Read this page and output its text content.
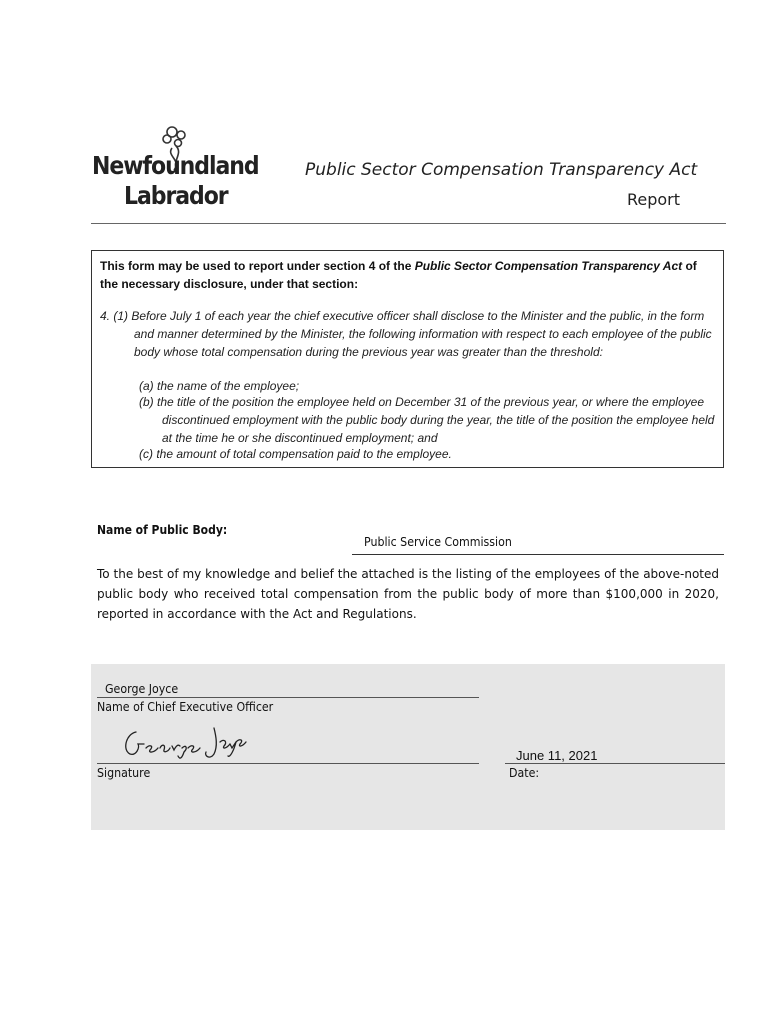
Newfoundland
Labrador
Public Sector Compensation Transparency Act
Report
This form may be used to report under section 4 of the Public Sector Compensation Transparency Act of the necessary disclosure, under that section:
4. (1) Before July 1 of each year the chief executive officer shall disclose to the Minister and the public, in the form and manner determined by the Minister, the following information with respect to each employee of the public body whose total compensation during the previous year was greater than the threshold:
(a) the name of the employee;
(b) the title of the position the employee held on December 31 of the previous year, or where the employee discontinued employment with the public body during the year, the title of the position the employee held at the time he or she discontinued employment; and
(c) the amount of total compensation paid to the employee.
Name of Public Body:
Public Service Commission
To the best of my knowledge and belief the attached is the listing of the employees of the above-noted public body who received total compensation from the public body of more than $100,000 in 2020, reported in accordance with the Act and Regulations.
George Joyce
Name of Chief Executive Officer
Signature
June 11, 2021
Date:
